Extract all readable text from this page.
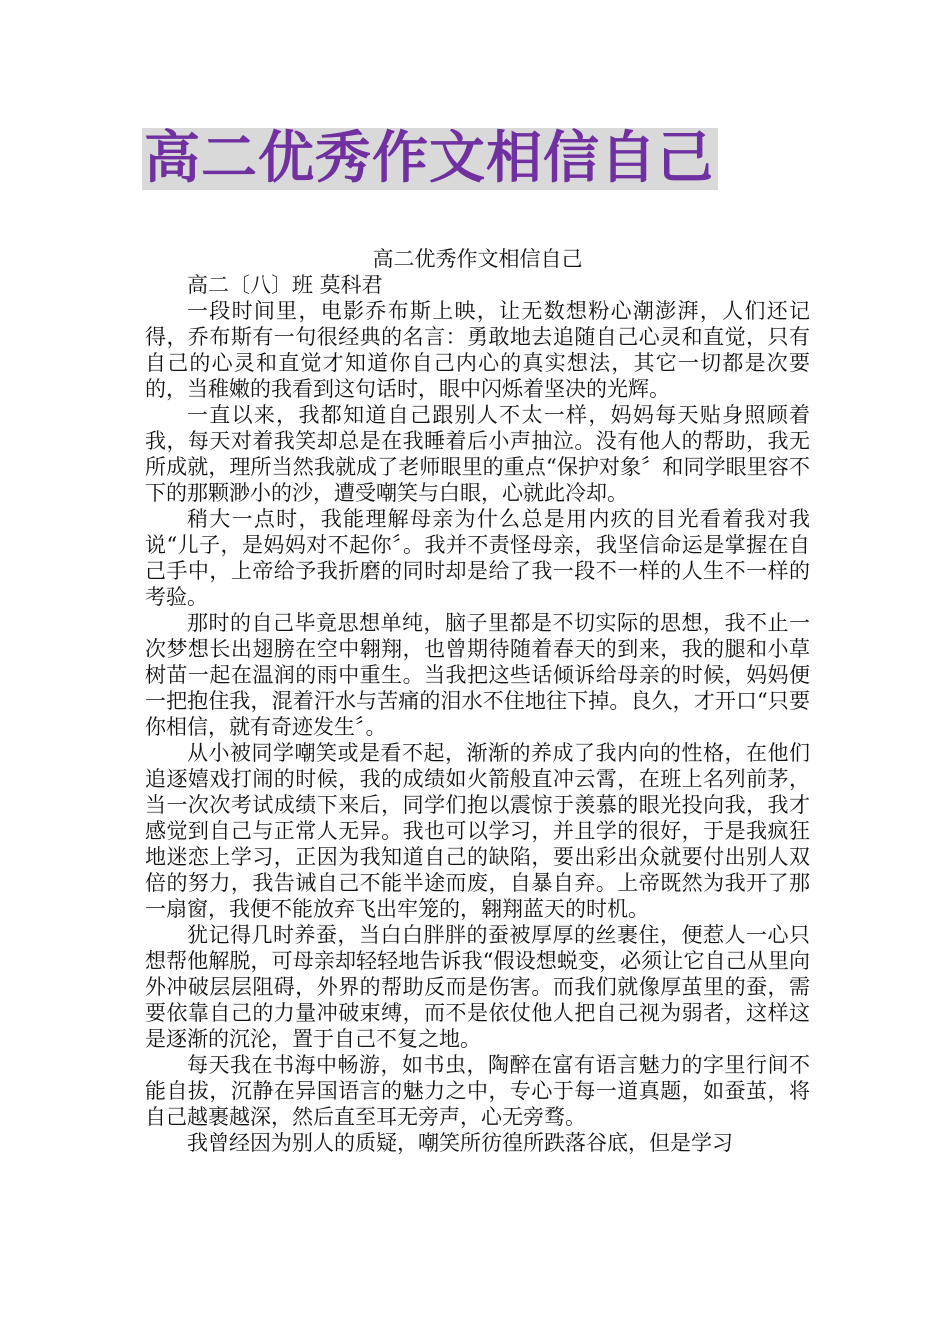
高二优秀作文相信自己

高二优秀作文相信自己

高二〔八〕班 莫科君

一段时间里，电影乔布斯上映，让无数想粉心潮澎湃，人们还记得，乔布斯有一句很经典的名言：勇敢地去追随自己心灵和直觉，只有自己的心灵和直觉才知道你自己内心的真实想法，其它一切都是次要的，当稚嫩的我看到这句话时，眼中闪烁着坚决的光辉。

一直以来，我都知道自己跟别人不太一样，妈妈每天贴身照顾着我，每天对着我笑却总是在我睡着后小声抽泣。没有他人的帮助，我无所成就，理所当然我就成了老师眼里的重点“保护对象〞和同学眼里容不下的那颗渺小的沙，遭受嘲笑与白眼，心就此冷却。

稍大一点时，我能理解母亲为什么总是用内疚的目光看着我对我说“儿子，是妈妈对不起你〞。我并不责怪母亲，我坚信命运是掌握在自己手中，上帝给予我折磨的同时却是给了我一段不一样的人生不一样的考验。

那时的自己毕竟思想单纯，脑子里都是不切实际的思想，我不止一次梦想长出翅膀在空中翱翔，也曾期待随着春天的到来，我的腿和小草树苗一起在温润的雨中重生。当我把这些话倾诉给母亲的时候，妈妈便一把抱住我，混着汗水与苦痛的泪水不住地往下掉。良久，才开口“只要你相信，就有奇迹发生〞。

从小被同学嘲笑或是看不起，渐渐的养成了我内向的性格，在他们追逐嬉戏打闹的时候，我的成绩如火箭般直冲云霄，在班上名列前茅，当一次次考试成绩下来后，同学们抱以震惊于羡慕的眼光投向我，我才感觉到自己与正常人无异。我也可以学习，并且学的很好，于是我疯狂地迷恋上学习，正因为我知道自己的缺陷，要出彩出众就要付出别人双倍的努力，我告诫自己不能半途而废，自暴自弃。上帝既然为我开了那一扇窗，我便不能放弃飞出牢笼的，翱翔蓝天的时机。

犹记得几时养蚕，当白白胖胖的蚕被厚厚的丝裹住，便惹人一心只想帮他解脱，可母亲却轻轻地告诉我“假设想蜕变，必须让它自己从里向外冲破层层阻碍，外界的帮助反而是伤害。而我们就像厚茧里的蚕，需要依靠自己的力量冲破束缚，而不是依仗他人把自己视为弱者，这样这是逐渐的沉沦，置于自己不复之地。

每天我在书海中畅游，如书虫，陶醉在富有语言魅力的字里行间不能自拔，沉静在异国语言的魅力之中，专心于每一道真题，如蚕茧，将自己越裹越深，然后直至耳无旁声，心无旁骛。

我曾经因为别人的质疑，嘲笑所彷徨所跌落谷底，但是学习
